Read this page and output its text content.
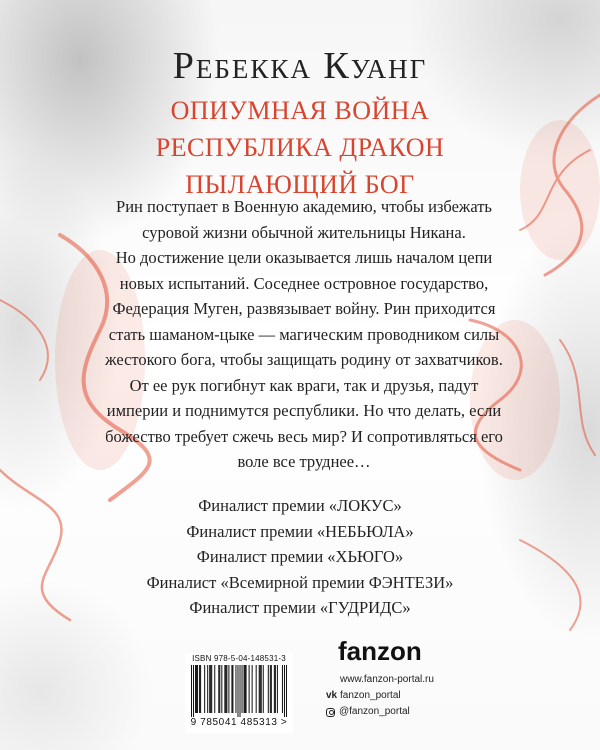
Ребекка Куанг
ОПИУМНАЯ ВОЙНА
РЕСПУБЛИКА ДРАКОН
ПЫЛАЮЩИЙ БОГ
Рин поступает в Военную академию, чтобы избежать
суровой жизни обычной жительницы Никана.
Но достижение цели оказывается лишь началом цепи
новых испытаний. Соседнее островное государство,
Федерация Муген, развязывает войну. Рин приходится
стать шаманом-цыке — магическим проводником силы
жестокого бога, чтобы защищать родину от захватчиков.
От ее рук погибнут как враги, так и друзья, падут
империи и поднимутся республики. Но что делать, если
божество требует сжечь весь мир? И сопротивляться его
воле все труднее…
Финалист премии «ЛОКУС»
Финалист премии «НЕБЬЮЛА»
Финалист премии «ХЬЮГО»
Финалист «Всемирной премии ФЭНТЕЗИ»
Финалист премии «ГУДРИДС»
ISBN 978-5-04-148531-3
9 785041 485313 >
fanzon
www.fanzon-portal.ru
vk fanzon_portal
@fanzon_portal
